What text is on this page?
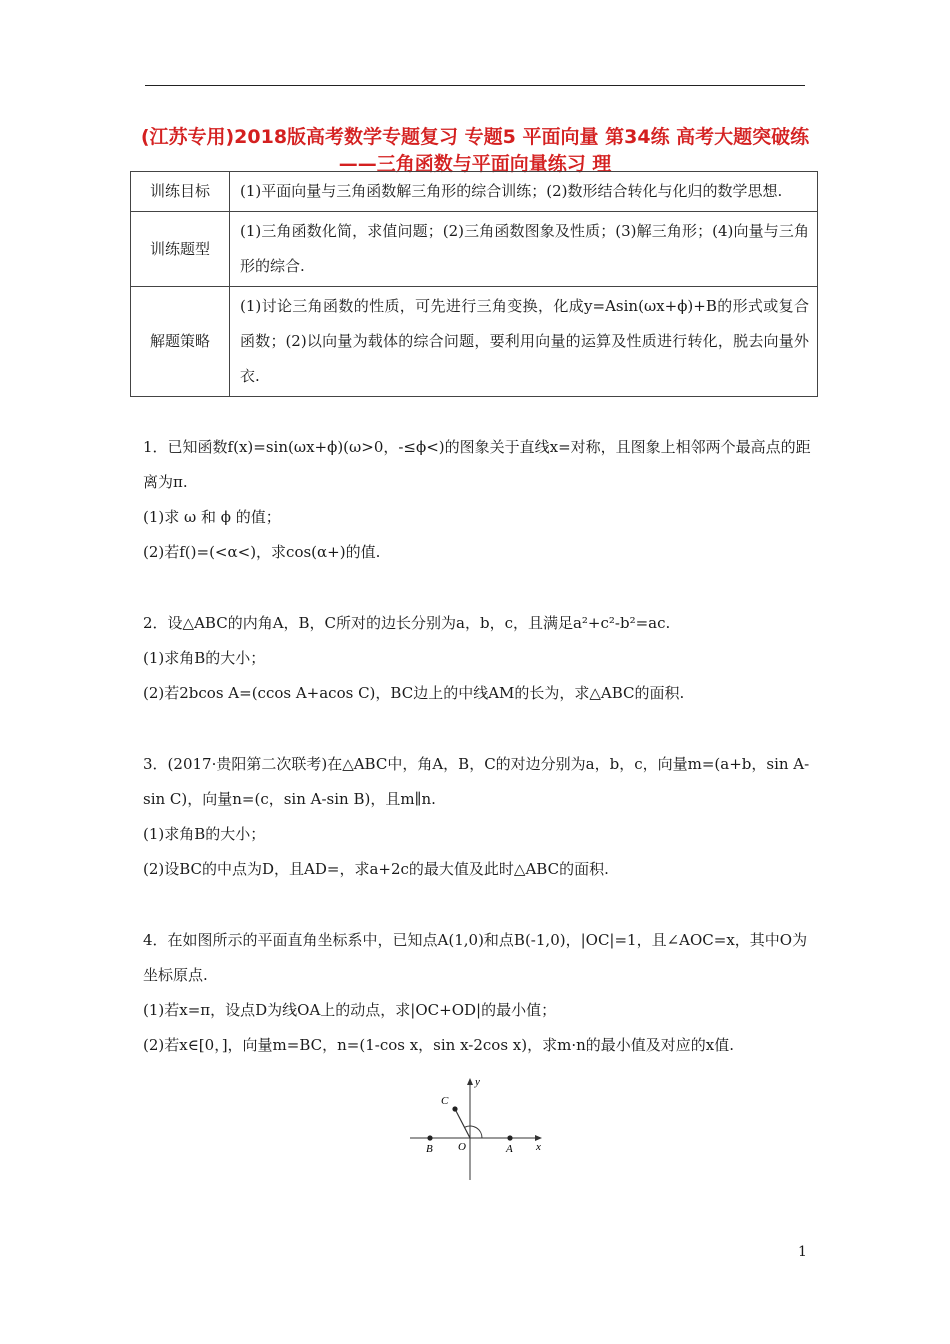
(江苏专用)2018版高考数学专题复习 专题5 平面向量 第34练 高考大题突破练——三角函数与平面向量练习 理
训练目标	(1)平面向量与三角函数解三角形的综合训练；(2)数形结合转化与化归的数学思想.
训练题型	(1)三角函数化简，求值问题；(2)三角函数图象及性质；(3)解三角形；(4)向量与三角形的综合.
解题策略	(1)讨论三角函数的性质，可先进行三角变换，化成y=Asin(ωx+ϕ)+B的形式或复合函数；(2)以向量为载体的综合问题，要利用向量的运算及性质进行转化，脱去向量外衣.

1．已知函数f(x)=sin(ωx+ϕ)(ω>0，-≤ϕ<)的图象关于直线x=对称，且图象上相邻两个最高点的距离为π.

(1)求 ω 和 ϕ 的值；

(2)若f()=(<α<)，求cos(α+)的值.

2．设△ABC的内角A，B，C所对的边长分别为a，b，c，且满足a²+c²-b²=ac.

(1)求角B的大小；

(2)若2bcos A=(ccos A+acos C)，BC边上的中线AM的长为，求△ABC的面积.

3．(2017·贵阳第二次联考)在△ABC中，角A，B，C的对边分别为a，b，c，向量m=(a+b，sin A-sin C)，向量n=(c，sin A-sin B)，且m∥n.

(1)求角B的大小；

(2)设BC的中点为D，且AD=，求a+2c的最大值及此时△ABC的面积.

4．在如图所示的平面直角坐标系中，已知点A(1,0)和点B(-1,0)，|OC|=1，且∠AOC=x，其中O为坐标原点.

(1)若x=π，设点D为线OA上的动点，求|OC+OD|的最小值；

(2)若x∈[0，]，向量m=BC，n=(1-cos x，sin x-2cos x)，求m·n的最小值及对应的x值.

C
y
B O	A x
1
